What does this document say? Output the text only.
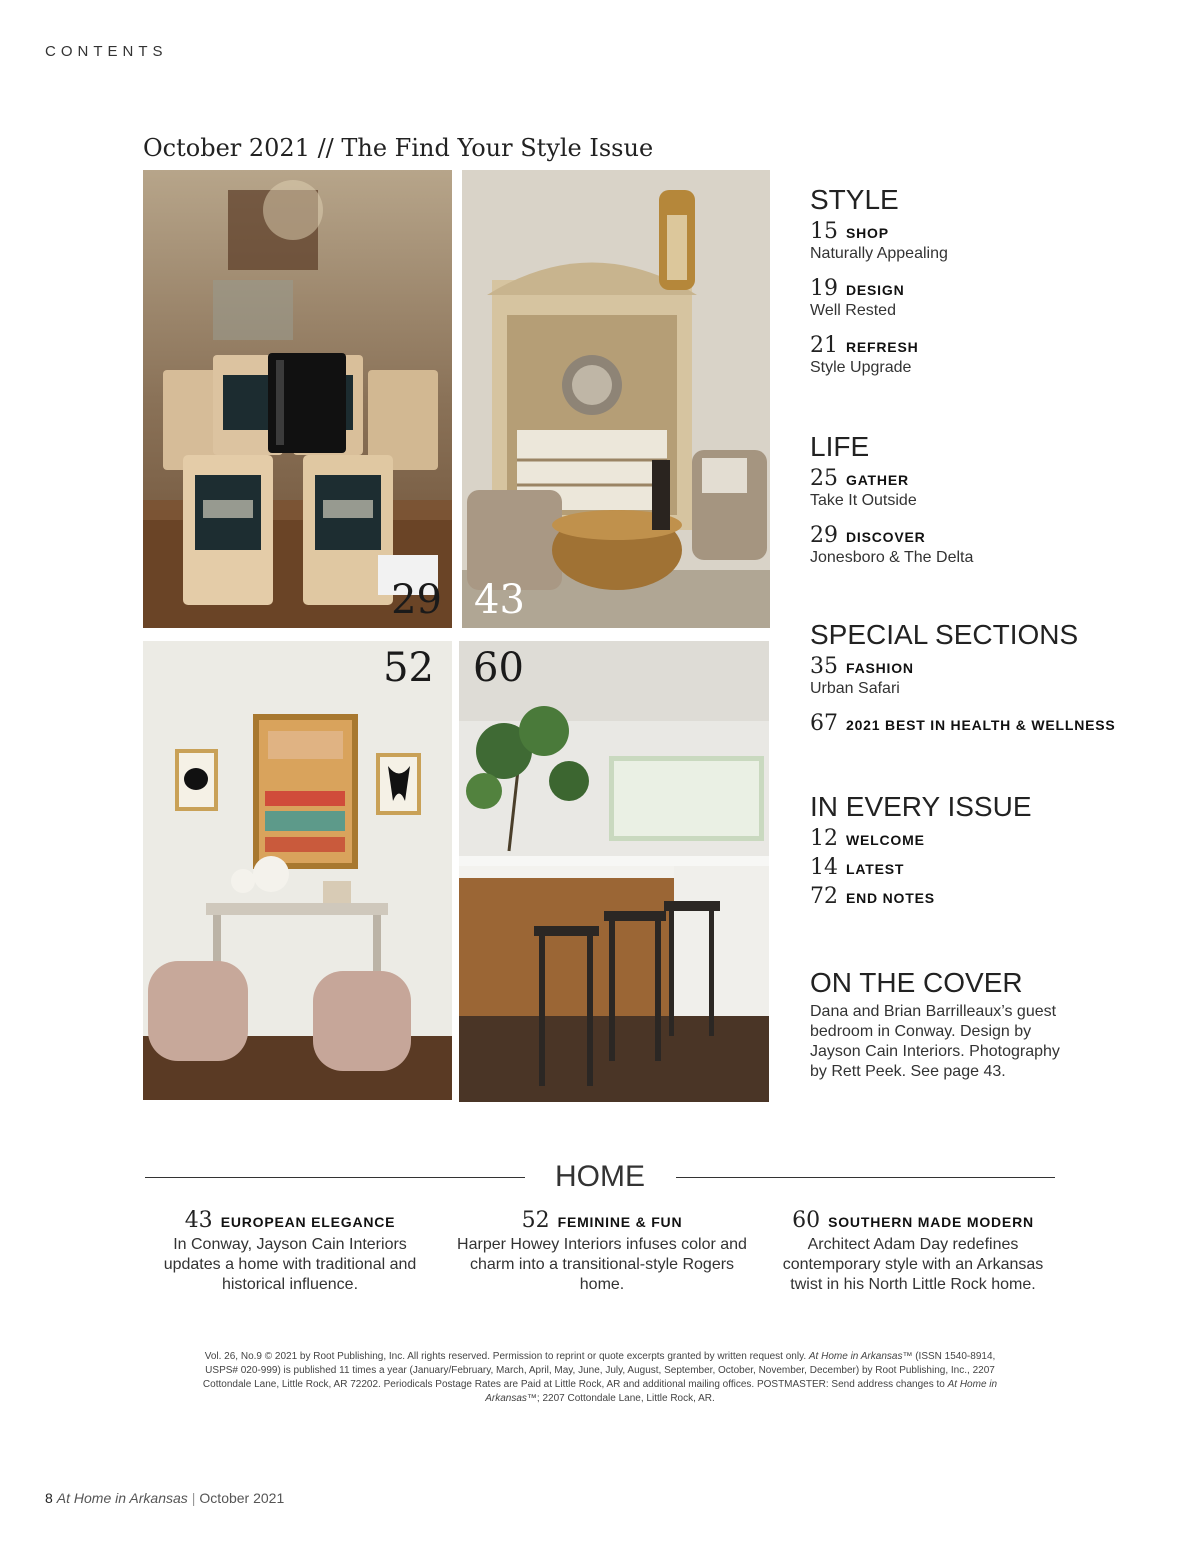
CONTENTS
October 2021 // The Find Your Style Issue
29 43
52 60
STYLE
15 SHOP
Naturally Appealing
19 DESIGN
Well Rested
21 REFRESH
Style Upgrade
LIFE
25 GATHER
Take It Outside
29 DISCOVER
Jonesboro & The Delta
SPECIAL SECTIONS
35 FASHION
Urban Safari
67 2021 BEST IN HEALTH & WELLNESS
IN EVERY ISSUE
12 WELCOME
14 LATEST
72 END NOTES
ON THE COVER
Dana and Brian Barrilleaux’s guest bedroom in Conway. Design by Jayson Cain Interiors. Photography by Rett Peek. See page 43.
HOME
43 EUROPEAN ELEGANCE
In Conway, Jayson Cain Interiors updates a home with traditional and historical influence.
52 FEMININE & FUN
Harper Howey Interiors infuses color and charm into a transitional-style Rogers home.
60 SOUTHERN MADE MODERN
Architect Adam Day redefines contemporary style with an Arkansas twist in his North Little Rock home.
Vol. 26, No.9 © 2021 by Root Publishing, Inc. All rights reserved. Permission to reprint or quote excerpts granted by written request only. At Home in Arkansas™ (ISSN 1540-8914, USPS# 020-999) is published 11 times a year (January/February, March, April, May, June, July, August, September, October, November, December) by Root Publishing, Inc., 2207 Cottondale Lane, Little Rock, AR 72202. Periodicals Postage Rates are Paid at Little Rock, AR and additional mailing offices. POSTMASTER: Send address changes to At Home in Arkansas™; 2207 Cottondale Lane, Little Rock, AR.
8 At Home in Arkansas | October 2021
